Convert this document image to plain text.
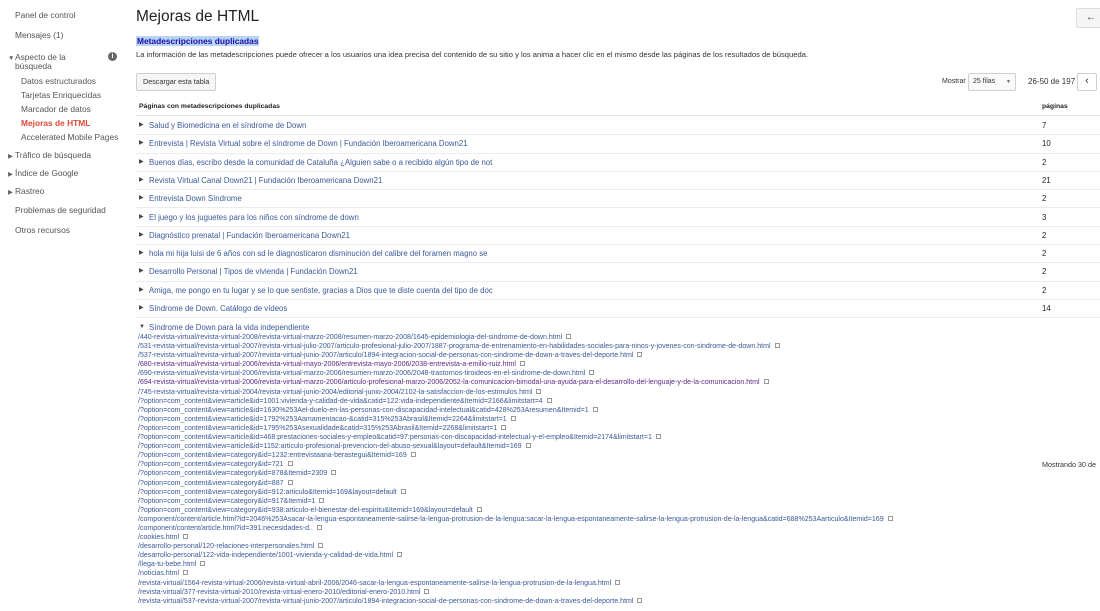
Panel de control
Mensajes (1)
▼Aspecto de la
búsqueda
i
Datos estructurados
Tarjetas Enriquecidas
Marcador de datos
Mejoras de HTML
Accelerated Mobile Pages
▶ Tráfico de búsqueda
▶ Índice de Google
▶ Rastreo
Problemas de seguridad
Otros recursos
Mejoras de HTML	←
Metadescripciones duplicadas
La información de las metadescripciones puede ofrecer a los usuarios una idea precisa del contenido de su sitio y los anima a hacer clic en el mismo desde las páginas de los resultados de búsqueda.
Descargar esta tabla	Mostrar	25 filas ▼ 26-50 de 197 ‹
Páginas con metadescripciones duplicadas	páginas
▶ Salud y Biomedicina en el síndrome de Down	7
▶ Entrevista | Revista Virtual sobre el síndrome de Down | Fundación Iberoamericana Down21	10
▶ Buenos días, escribo desde la comunidad de Cataluña ¿Alguien sabe o a recibido algún tipo de not	2
▶ Revista Virtual Canal Down21 | Fundación Iberoamericana Down21	21
▶ Entrevista Down Síndrome	2
▶ El juego y los juguetes para los niños con síndrome de down	3
▶ Diagnóstico prenatal | Fundación Iberoamericana Down21	2
▶ hola mi hija luisi de 6 años con sd le diagnosticaron disminución del calibre del foramen magno se	2
▶ Desarrollo Personal | Tipos de vivienda | Fundación Down21	2
▶ Amiga, me pongo en tu lugar y se lo que sentiste, gracias a Dios que te diste cuenta del tipo de doc	2
▶ Síndrome de Down. Catálogo de vídeos	14
▼ Síndrome de Down para la vida independiente
/440-revista-virtual/revista-virtual-2008/revista-virtual-marzo-2008/resumen-marzo-2008/1645-epidemiologia-del-sindrome-de-down.html
/531-revista-virtual/revista-virtual-2007/revista-virtual-julio-2007/articulo-profesional-julio-2007/1887-programa-de-entrenamiento-en-habilidades-sociales-para-ninos-y-jovenes-con-sindrome-de-down.html
/537-revista-virtual/revista-virtual-2007/revista-virtual-junio-2007/articulo/1894-integracion-social-de-personas-con-sindrome-de-down-a-traves-del-deporte.html
/680-revista-virtual/revista-virtual-2006/revista-virtual-mayo-2006/entrevista-mayo-2006/2038-entrevista-a-emilio-ruiz.html
/690-revista-virtual/revista-virtual-2006/revista-virtual-marzo-2006/resumen-marzo-2006/2048-trastornos-tiroideos-en-el-sindrome-de-down.html
/694-revista-virtual/revista-virtual-2006/revista-virtual-marzo-2006/articulo-profesional-marzo-2006/2052-la-comunicacion-bimodal-una-ayuda-para-el-desarrollo-del-lenguaje-y-de-la-comunicacion.html
/745-revista-virtual/revista-virtual-2004/revista-virtual-junio-2004/editorial-junio-2004/2102-la-satisfaccion-de-los-estimulos.html
/?option=com_content&view=article&id=1001:vivienda-y-calidad-de-vida&catid=122:vida-independiente&Itemid=2166&limitstart=4
/?option=com_content&view=article&id=1630%253Ael-duelo-en-las-personas-con-discapacidad-intelectual&catid=428%253Aresumen&Itemid=1
/?option=com_content&view=article&id=1792%253Aamamentacao-&catid=315%253Abrasil&Itemid=2264&limitstart=1
/?option=com_content&view=article&id=1795%253Asexualidade&catid=315%253Abrasil&Itemid=2268&limitstart=1
/?option=com_content&view=article&id=468:prestaciones-sociales-y-empleo&catid=97:personas-con-discapacidad-intelectual-y-el-empleo&Itemid=2174&limitstart=1
/?option=com_content&view=article&id=1152:articulo-profesional-prevencion-del-abuso-sexual&layout=default&Itemid=169
/?option=com_content&view=category&id=1232:entrevistaana-berastegui&Itemid=169
/?option=com_content&view=category&id=721
/?option=com_content&view=category&id=878&Itemid=2309
/?option=com_content&view=category&id=887
/?option=com_content&view=category&id=912:articulo&Itemid=169&layout=default
/?option=com_content&view=category&id=917&Itemid=1
/?option=com_content&view=category&id=938:articulo-el-bienestar-del-espiritu&Itemid=169&layout=default
/component/content/article.html?id=2046%253Asacar-la-lengua-espontaneamente-salirse-la-lengua-protrusion-de-la-lengua:sacar-la-lengua-espontaneamente-salirse-la-lengua-protrusion-de-la-lengua&catid=688%253Aarticulo&Itemid=169
/component/content/article.html?id=391:necesidades-d..
/cookies.html
/desarrollo-personal/120-relaciones-interpersonales.html
/desarrollo-personal/122-vida-independiente/1001-vivienda-y-calidad-de-vida.html
/llega-tu-bebe.html
/noticias.html
/revista-virtual/1564-revista-virtual-2006/revista-virtual-abril-2006/2046-sacar-la-lengua-espontaneamente-salirse-la-lengua-protrusion-de-la-lengua.html
/revista-virtual/377-revista-virtual-2010/revista-virtual-enero-2010/editorial-enero-2010.html
/revista-virtual/537-revista-virtual-2007/revista-virtual-junio-2007/articulo/1894-integracion-social-de-personas-con-sindrome-de-down-a-traves-del-deporte.html
Mostrando 30 de
